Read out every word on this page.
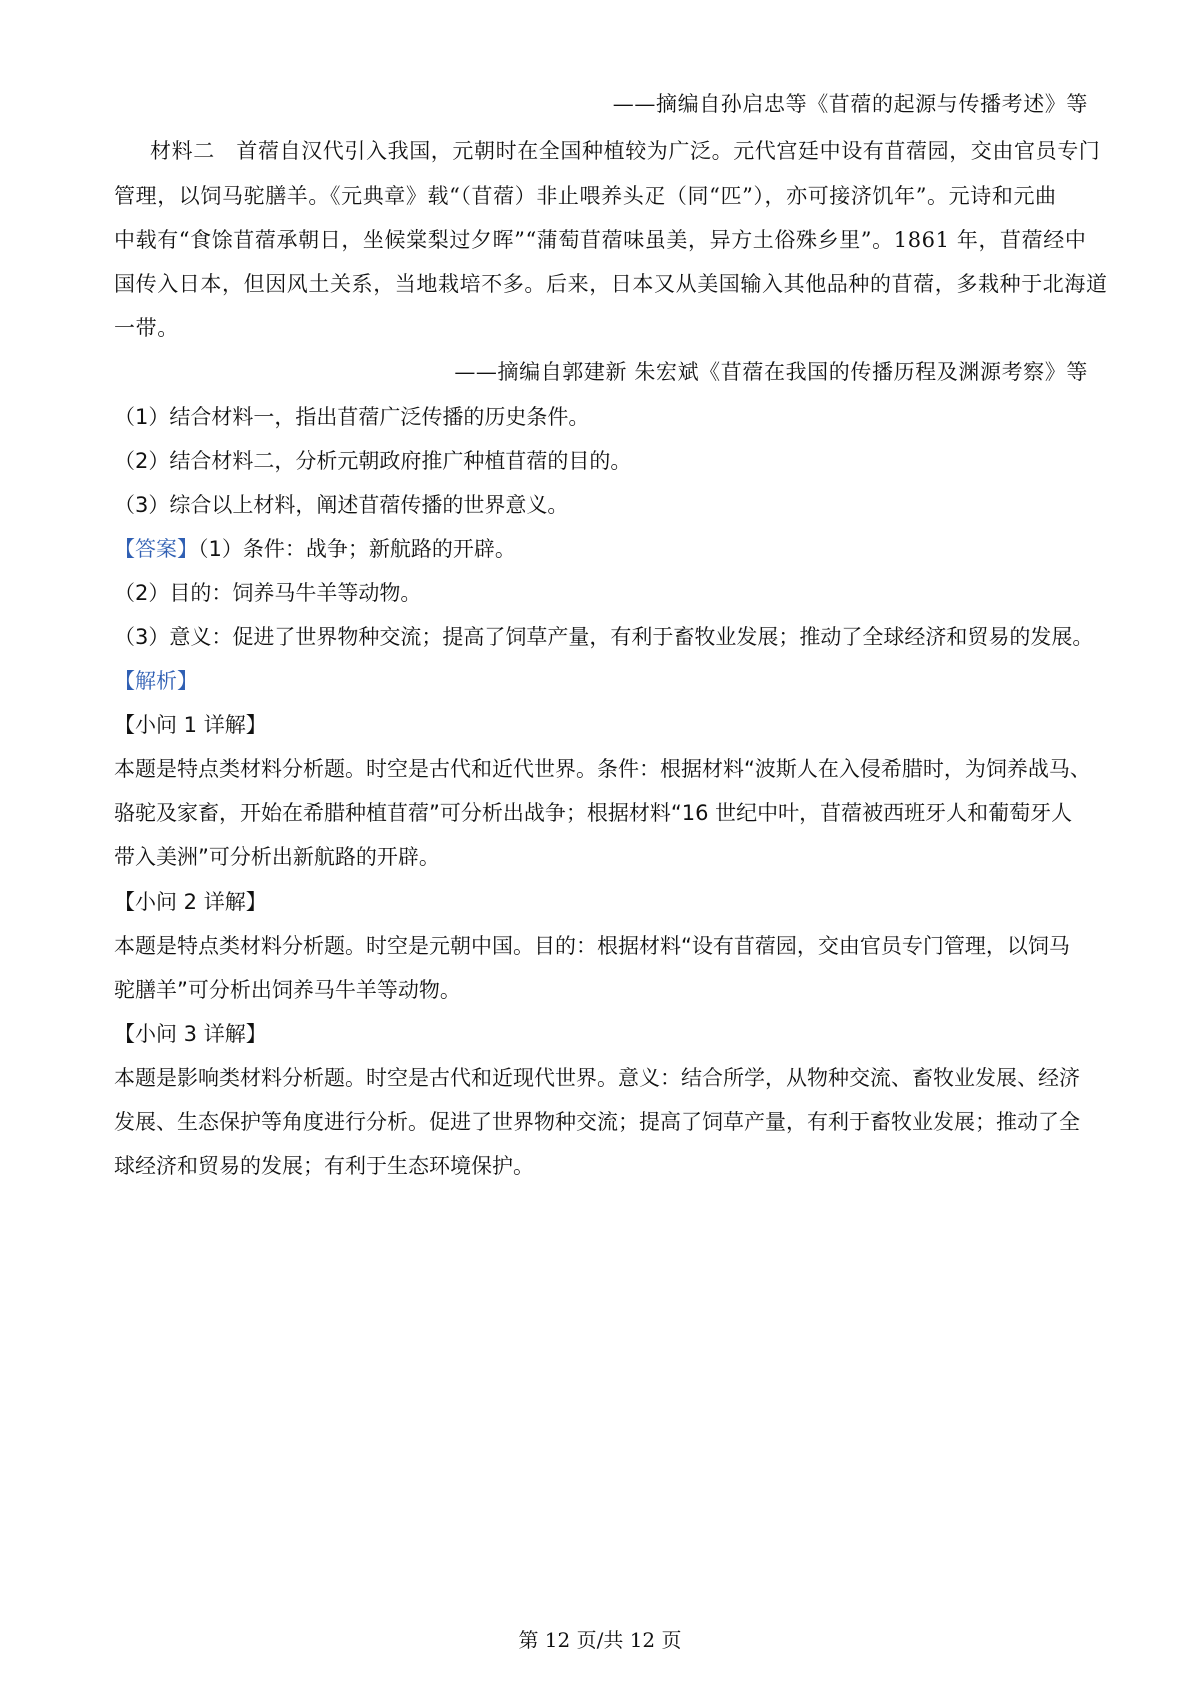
——摘编自孙启忠等《苜蓿的起源与传播考述》等
材料二　首蓿自汉代引入我国，元朝时在全国种植较为广泛。元代宫廷中设有苜蓿园，交由官员专门
管理，以饲马驼膳羊。《元典章》载“（苜蓿）非止喂养头疋（同“匹”），亦可接济饥年”。元诗和元曲
中载有“食馀苜蓿承朝日，坐候棠梨过夕晖”“蒲萄苜蓿味虽美，异方土俗殊乡里”。1861 年，苜蓿经中
国传入日本，但因风土关系，当地栽培不多。后来，日本又从美国输入其他品种的苜蓿，多栽种于北海道
一带。
——摘编自郭建新 朱宏斌《苜蓿在我国的传播历程及渊源考察》等
（1）结合材料一，指出苜蓿广泛传播的历史条件。
（2）结合材料二，分析元朝政府推广种植苜蓿的目的。
（3）综合以上材料，阐述苜蓿传播的世界意义。
【答案】（1）条件：战争；新航路的开辟。
（2）目的：饲养马牛羊等动物。
（3）意义：促进了世界物种交流；提高了饲草产量，有利于畜牧业发展；推动了全球经济和贸易的发展。
【解析】
【小问 1 详解】
本题是特点类材料分析题。时空是古代和近代世界。条件：根据材料“波斯人在入侵希腊时，为饲养战马、
骆驼及家畜，开始在希腊种植苜蓿”可分析出战争；根据材料“16 世纪中叶，苜蓿被西班牙人和葡萄牙人
带入美洲”可分析出新航路的开辟。
【小问 2 详解】
本题是特点类材料分析题。时空是元朝中国。目的：根据材料“设有苜蓿园，交由官员专门管理，以饲马
驼膳羊”可分析出饲养马牛羊等动物。
【小问 3 详解】
本题是影响类材料分析题。时空是古代和近现代世界。意义：结合所学，从物种交流、畜牧业发展、经济
发展、生态保护等角度进行分析。促进了世界物种交流；提高了饲草产量，有利于畜牧业发展；推动了全
球经济和贸易的发展；有利于生态环境保护。
第 12 页/共 12 页
